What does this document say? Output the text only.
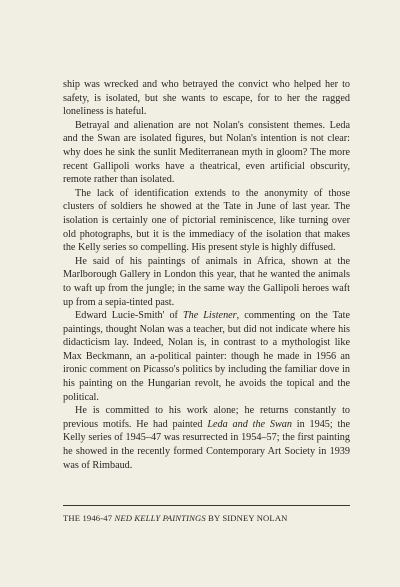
ship was wrecked and who betrayed the convict who helped her to safety, is isolated, but she wants to escape, for to her the ragged loneliness is hateful.

Betrayal and alienation are not Nolan's consistent themes. Leda and the Swan are isolated figures, but Nolan's intention is not clear: why does he sink the sunlit Mediterranean myth in gloom? The more recent Gallipoli works have a theatrical, even artificial obscurity, remote rather than isolated.

The lack of identification extends to the anonymity of those clusters of soldiers he showed at the Tate in June of last year. The isolation is certainly one of pictorial reminiscence, like turning over old photographs, but it is the immediacy of the isolation that makes the Kelly series so compelling. His present style is highly diffused.

He said of his paintings of animals in Africa, shown at the Marlborough Gallery in London this year, that he wanted the animals to waft up from the jungle; in the same way the Gallipoli heroes waft up from a sepia-tinted past.

Edward Lucie-Smith' of The Listener, commenting on the Tate paintings, thought Nolan was a teacher, but did not indicate where his didacticism lay. Indeed, Nolan is, in contrast to a mythologist like Max Beckmann, an a-political painter: though he made in 1956 an ironic comment on Picasso's politics by including the familiar dove in his painting on the Hungarian revolt, he avoids the topical and the political.

He is committed to his work alone; he returns constantly to previous motifs. He had painted Leda and the Swan in 1945; the Kelly series of 1945–47 was resurrected in 1954–57; the first painting he showed in the recently formed Contemporary Art Society in 1939 was of Rimbaud.

THE 1946-47 NED KELLY PAINTINGS BY SIDNEY NOLAN
